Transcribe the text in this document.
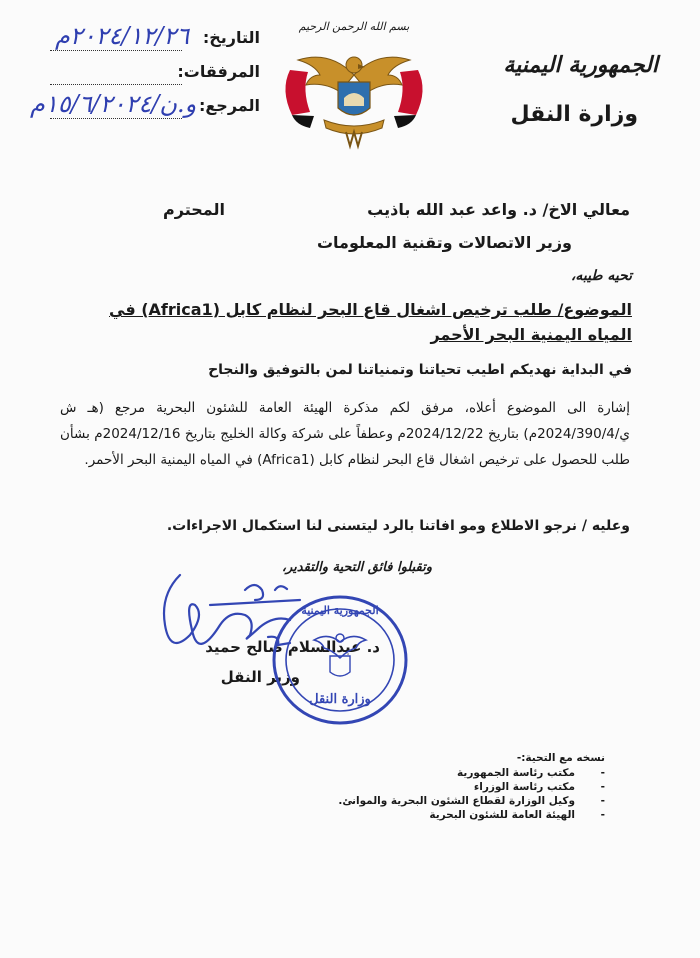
التاريخ:
٢٠٢٤/١٢/٢٦م
المرفقات:
المرجع:
و.ن/١٥/٦/٢٠٢٤م
بسم الله الرحمن الرحيم
الجمهورية اليمنية
وزارة النقل
معالي الاخ/ د. واعد عبد الله باذيب
المحترم
وزير الاتصالات وتقنية المعلومات
تحيه طيبه،
الموضوع/ طلب ترخيص اشغال قاع البحر لنظام كابل (Africa1) في
المياه اليمنية البحر الأحمر
في البداية نهديكم اطيب تحياتنا وتمنياتنا لمن بالتوفيق والنجاح
إشارة الى الموضوع أعلاه، مرفق لكم مذكرة الهيئة العامة للشئون البحرية مرجع (هـ ش ي/2024/390/4م) بتاريخ 2024/12/22م وعطفاً على شركة وكالة الخليج بتاريخ 2024/12/16م بشأن طلب للحصول على ترخيص اشغال قاع البحر لنظام كابل (Africa1) في المياه اليمنية البحر الأحمر.
وعليه / نرجو الاطلاع ومو افاتنا بالرد ليتسنى لنا استكمال الاجراءات.
وتقبلوا فائق التحية والتقدير،
د. عبدالسلام صالح حميد
وزير النقل
الجمهورية اليمنية
وزارة النقل
نسخه مع التحية:-
-
مكتب رئاسة الجمهورية
-
مكتب رئاسة الوزراء
-
وكيل الوزارة لقطاع الشئون البحرية والموانئ.
-
الهيئة العامة للشئون البحرية
